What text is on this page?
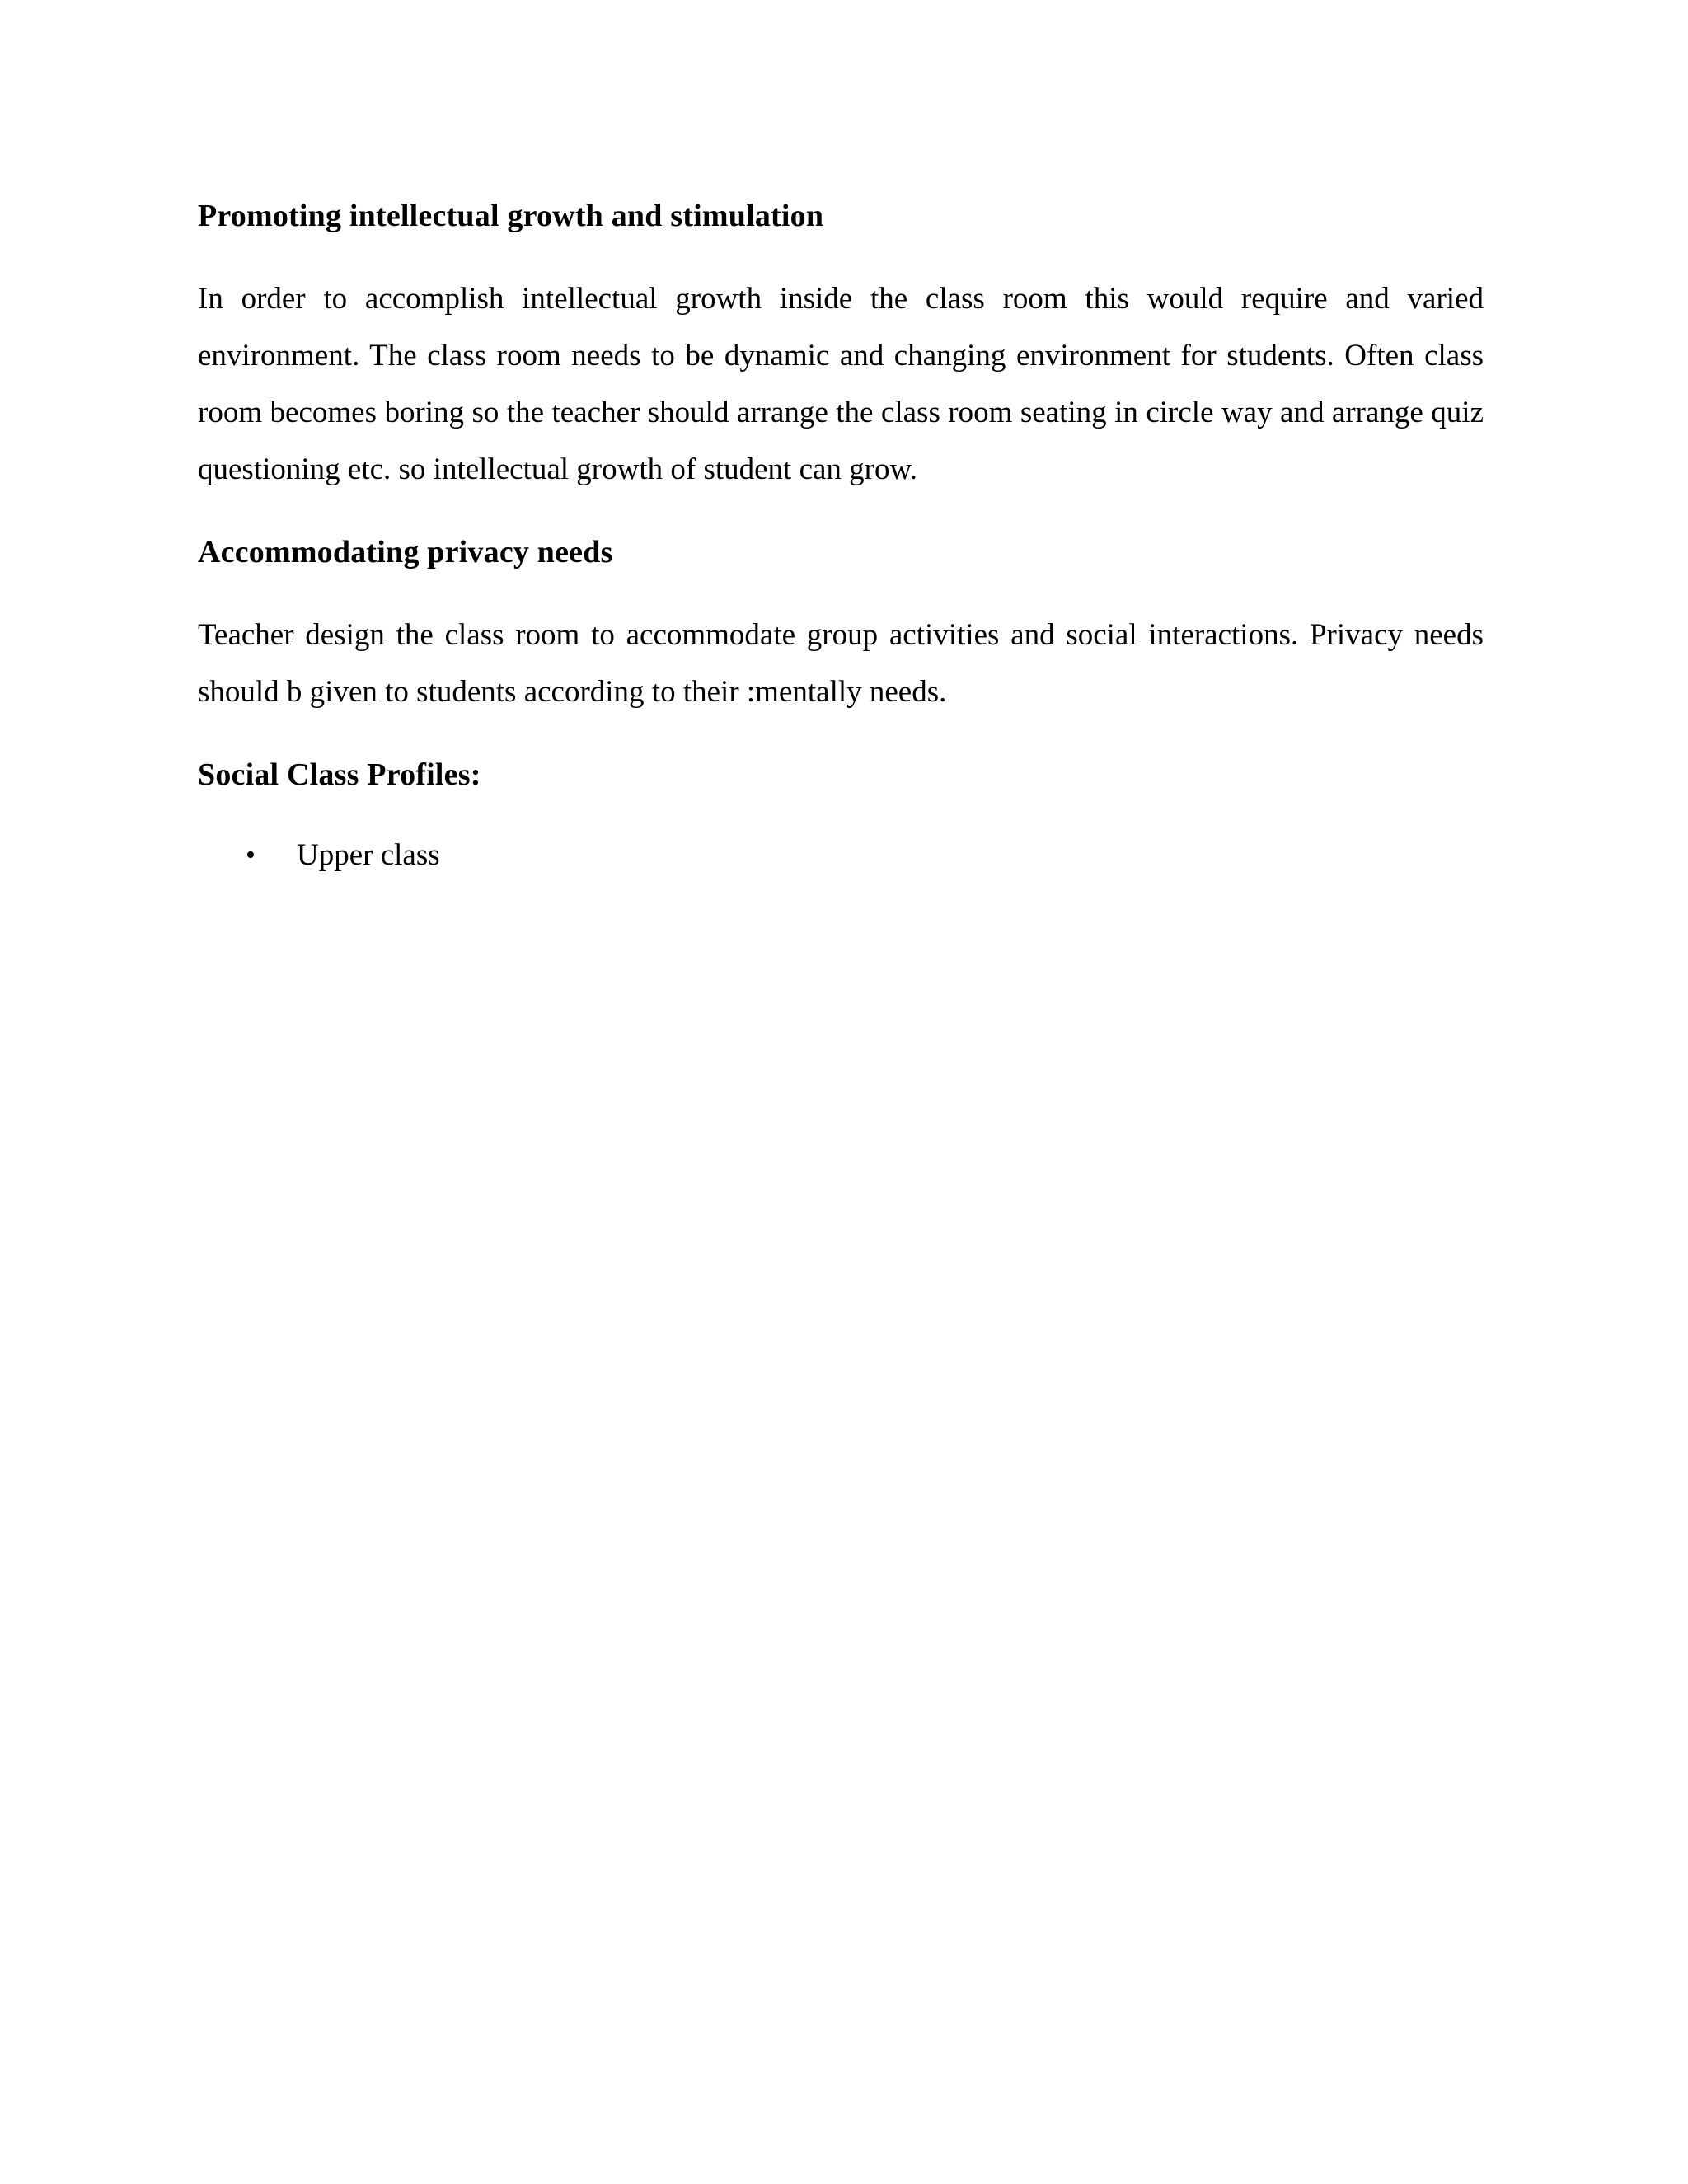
Promoting intellectual growth and stimulation

In order to accomplish intellectual growth inside the class room this would require and varied environment. The class room needs to be dynamic and changing environment for students. Often class room becomes boring so the teacher should arrange the class room seating in circle way and arrange quiz questioning etc. so intellectual growth of student can grow.

Accommodating privacy needs

Teacher design the class room to accommodate group activities and social interactions. Privacy needs should b given to students according to their :mentally needs.

Social Class Profiles:
• Upper class
